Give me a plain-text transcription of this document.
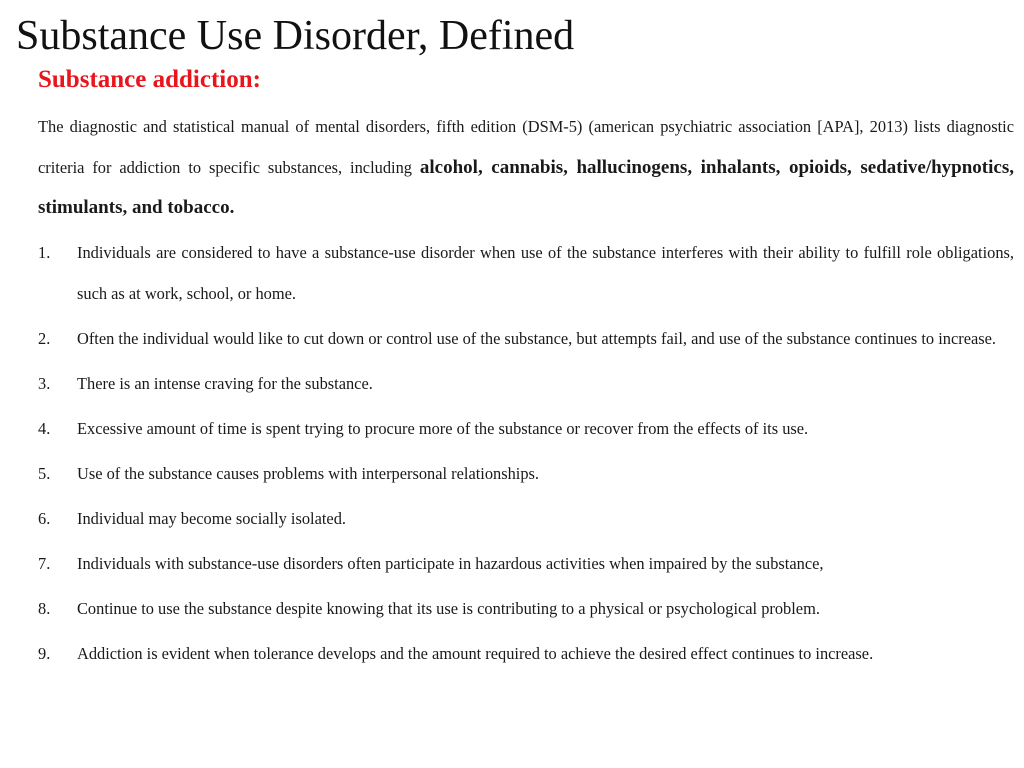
Substance Use Disorder, Defined
Substance addiction:
The diagnostic and statistical manual of mental disorders, fifth edition (DSM-5) (american psychiatric association [APA], 2013) lists diagnostic criteria for addiction to specific substances, including alcohol, cannabis, hallucinogens, inhalants, opioids, sedative/hypnotics, stimulants, and tobacco.
1. Individuals are considered to have a substance-use disorder when use of the substance interferes with their ability to fulfill role obligations, such as at work, school, or home.
2. Often the individual would like to cut down or control use of the substance, but attempts fail, and use of the substance continues to increase.
3. There is an intense craving for the substance.
4. Excessive amount of time is spent trying to procure more of the substance or recover from the effects of its use.
5. Use of the substance causes problems with interpersonal relationships.
6. Individual may become socially isolated.
7. Individuals with substance-use disorders often participate in hazardous activities when impaired by the substance,
8. Continue to use the substance despite knowing that its use is contributing to a physical or psychological problem.
9. Addiction is evident when tolerance develops and the amount required to achieve the desired effect continues to increase.
